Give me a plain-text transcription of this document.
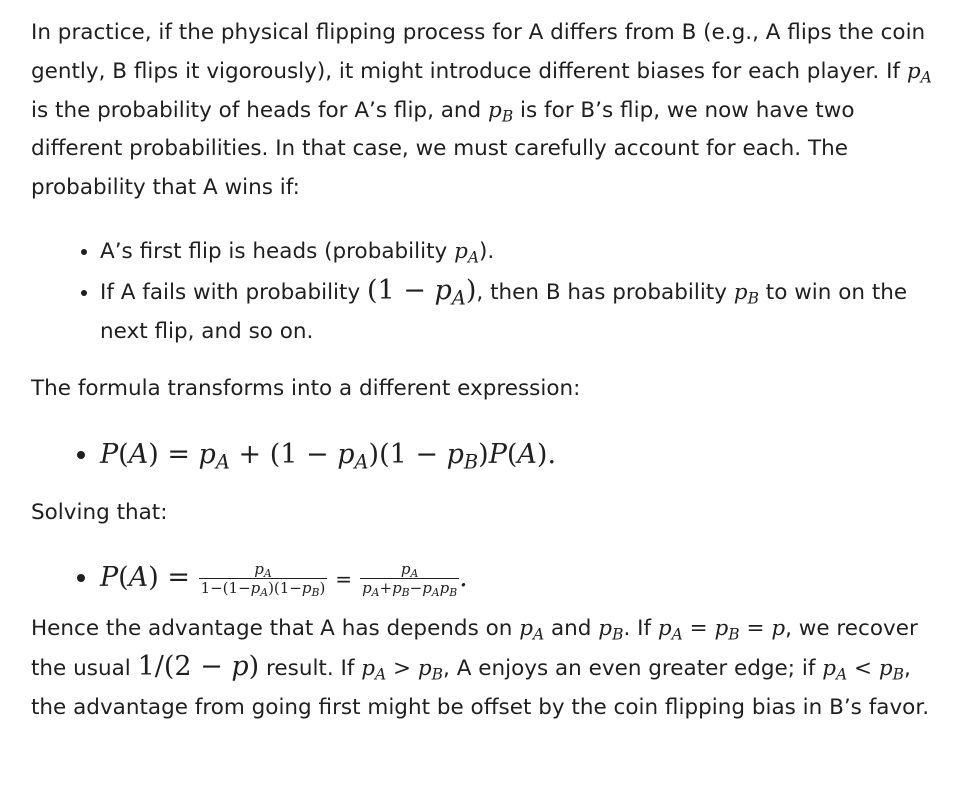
In practice, if the physical flipping process for A differs from B (e.g., A flips the coin gently, B flips it vigorously), it might introduce different biases for each player. If $p_A$ is the probability of heads for A’s flip, and $p_B$ is for B’s flip, we now have two different probabilities. In that case, we must carefully account for each. The probability that A wins if:

• A’s first flip is heads (probability $p_A$).
• If A fails with probability $(1 - p_A)$, then B has probability $p_B$ to win on the next flip, and so on.

The formula transforms into a different expression:

• $P(A) = p_A + (1 - p_A)(1 - p_B)P(A)$.

Solving that:

• $P(A) = \frac{p_A}{1-(1-p_A)(1-p_B)} = \frac{p_A}{p_A+p_B-p_Ap_B}$ .

Hence the advantage that A has depends on $p_A$ and $p_B$. If $p_A = p_B = p$, we recover the usual 1/(2 − p) result. If $p_A > p_B$, A enjoys an even greater edge; if $p_A < p_B$, the advantage from going first might be offset by the coin flipping bias in B’s favor.
